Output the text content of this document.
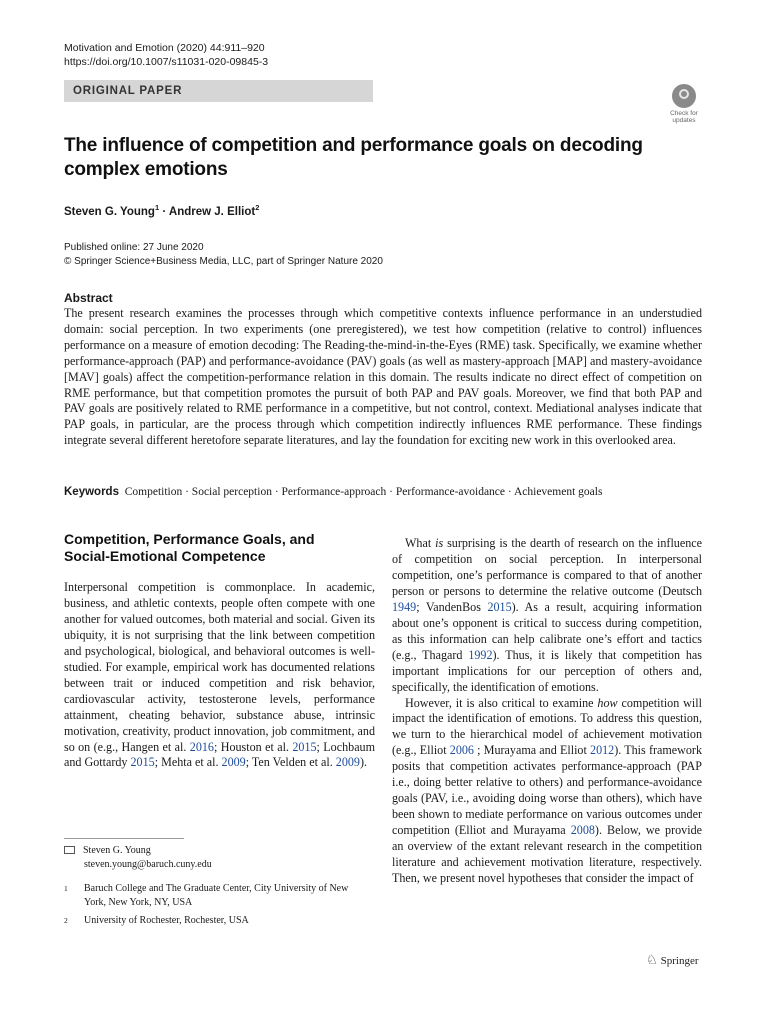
Motivation and Emotion (2020) 44:911–920
https://doi.org/10.1007/s11031-020-09845-3
ORIGINAL PAPER
Check for
updates
The influence of competition and performance goals on decoding complex emotions
Steven G. Young$^1$ · Andrew J. Elliot$^2$
Published online: 27 June 2020
© Springer Science+Business Media, LLC, part of Springer Nature 2020
Abstract
The present research examines the processes through which competitive contexts influence performance in an understudied domain: social perception. In two experiments (one preregistered), we test how competition (relative to control) influences performance on a measure of emotion decoding: The Reading-the-mind-in-the-Eyes (RME) task. Specifically, we examine whether performance-approach (PAP) and performance-avoidance (PAV) goals (as well as mastery-approach [MAP] and mastery-avoidance [MAV] goals) affect the competition-performance relation in this domain. The results indicate no direct effect of competition on RME performance, but that competition promotes the pursuit of both PAP and PAV goals. Moreover, we find that both PAP and PAV goals are positively related to RME performance in a competitive, but not control, context. Mediational analyses indicate that PAP goals, in particular, are the process through which competition indirectly influences RME performance. These findings integrate several different heretofore separate literatures, and lay the foundation for exciting new work in this overlooked area.
Keywords Competition · Social perception · Performance-approach · Performance-avoidance · Achievement goals
Competition, Performance Goals, and Social-Emotional Competence
Interpersonal competition is commonplace. In academic, business, and athletic contexts, people often compete with one another for valued outcomes, both material and social. Given its ubiquity, it is not surprising that the link between competition and psychological, biological, and behavioral outcomes is well-studied. For example, empirical work has documented relations between trait or induced competition and risk behavior, cardiovascular activity, testosterone levels, performance attainment, cheating behavior, substance abuse, intrinsic motivation, creativity, product innovation, job commitment, and so on (e.g., Hangen et al. 2016; Houston et al. 2015; Lochbaum and Gottardy 2015; Mehta et al. 2009; Ten Velden et al. 2009).

What is surprising is the dearth of research on the influence of competition on social perception. In interpersonal competition, one’s performance is compared to that of another person or persons to determine the relative outcome (Deutsch 1949; VandenBos 2015). As a result, acquiring information about one’s opponent is critical to success during competition, as this information can help calibrate one’s effort and tactics (e.g., Thagard 1992). Thus, it is likely that competition has important implications for our perception of others and, specifically, the identification of emotions.

However, it is also critical to examine how competition will impact the identification of emotions. To address this question, we turn to the hierarchical model of achievement motivation (e.g., Elliot 2006 ; Murayama and Elliot 2012). This framework posits that competition activates performance-approach (PAP i.e., doing better relative to others) and performance-avoidance goals (PAV, i.e., avoiding doing worse than others), which have been shown to mediate performance on various outcomes under competition (Elliot and Murayama 2008). Below, we provide an overview of the extant relevant research in the competition literature and achievement motivation literature, respectively. Then, we present novel hypotheses that consider the impact of

Steven G. Young
steven.young@baruch.cuny.edu
1 Baruch College and The Graduate Center, City University of New York, New York, NY, USA
2 University of Rochester, Rochester, USA
♘ Springer
